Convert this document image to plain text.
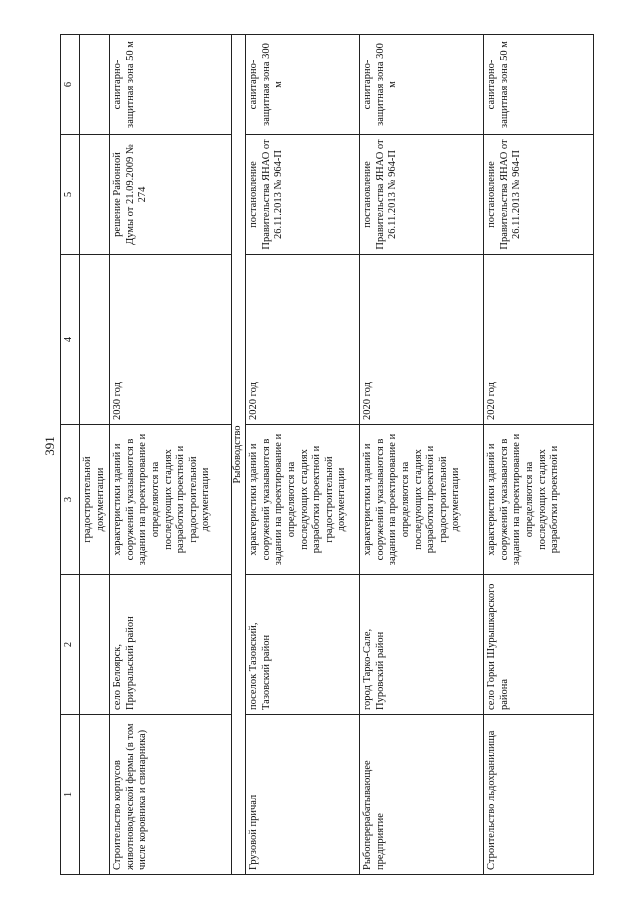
391
1	2	3	4	5	6
		градостроительной документации			
Строительство корпусов животноводческой фермы (в том числе коровника и свинарника)	село Белоярск, Приуральский район	характеристики зданий и сооружений указываются в задании на проектирование и определяются на последующих стадиях разработки проектной и градостроительной документации	2030 год	решение Районной Думы от 21.09.2009 № 274	санитарно-защитная зона 50 м
Рыбоводство					
Грузовой причал	поселок Тазовский, Тазовский район	характеристики зданий и сооружений указываются в задании на проектирование и определяются на последующих стадиях разработки проектной и градостроительной документации	2020 год	постановление Правительства ЯНАО от 26.11.2013 № 964-П	санитарно-защитная зона 300 м
Рыбоперерабатывающее предприятие	город Тарко-Сале, Пуровский район	характеристики зданий и сооружений указываются в задании на проектирование и определяются на последующих стадиях разработки проектной и градостроительной документации	2020 год	постановление Правительства ЯНАО от 26.11.2013 № 964-П	санитарно-защитная зона 300 м
Строительство льдохранилища	село Горки Шурышкарского района	характеристики зданий и сооружений указываются в задании на проектирование и определяются на последующих стадиях разработки проектной и	2020 год	постановление Правительства ЯНАО от 26.11.2013 № 964-П	санитарно-защитная зона 50 м
